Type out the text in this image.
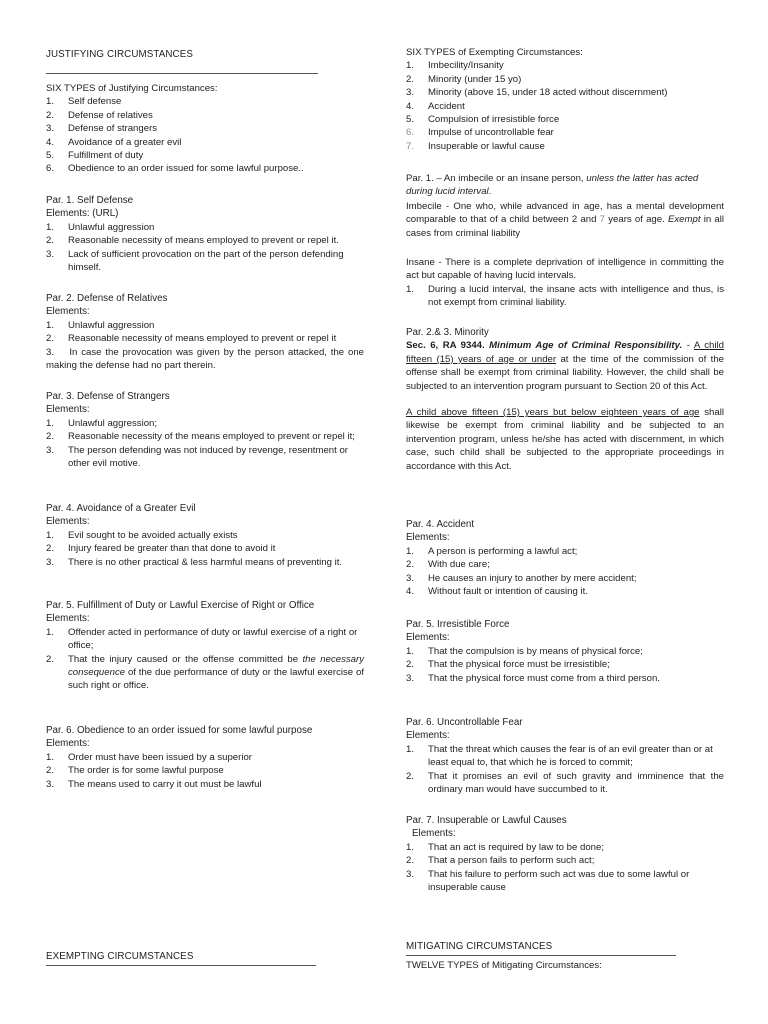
JUSTIFYING CIRCUMSTANCES
SIX TYPES of Justifying Circumstances:
1. Self defense
2. Defense of relatives
3. Defense of strangers
4. Avoidance of a greater evil
5. Fulfillment of duty
6. Obedience to an order issued for some lawful purpose..
Par. 1. Self Defense
Elements: (URL)
1. Unlawful aggression
2. Reasonable necessity of means employed to prevent or repel it.
3. Lack of sufficient provocation on the part of the person defending himself.
Par. 2. Defense of Relatives
Elements:
1. Unlawful aggression
2. Reasonable necessity of means employed to prevent or repel it
3.    In case the provocation was given by the person attacked, the one making the defense had no part therein.
Par. 3. Defense of Strangers
Elements:
1. Unlawful aggression;
2. Reasonable necessity of the means employed to prevent or repel it;
3. The person defending was not induced by revenge, resentment or other evil motive.
Par. 4. Avoidance of a Greater Evil
Elements:
1. Evil sought to be avoided actually exists
2. Injury feared be greater than that done to avoid it
3. There is no other practical & less harmful means of preventing it.
Par. 5. Fulfillment of Duty or Lawful Exercise of Right or Office
Elements:
1. Offender acted in performance of duty or lawful exercise of a right or office;
2. That the injury caused or the offense committed be the necessary consequence of the due performance of duty or the lawful exercise of such right or office.
Par. 6. Obedience to an order issued for some lawful purpose
Elements:
1. Order must have been issued by a superior
2. The order is for some lawful purpose
3. The means used to carry it out must be lawful
EXEMPTING CIRCUMSTANCES
SIX TYPES of Exempting Circumstances:
1. Imbecility/Insanity
2. Minority (under 15 yo)
3. Minority (above 15, under 18 acted without discernment)
4. Accident
5. Compulsion of irresistible force
6. Impulse of uncontrollable fear
7. Insuperable or lawful cause
Par. 1. – An imbecile or an insane person, unless the latter has acted during lucid interval.
Imbecile - One who, while advanced in age, has a mental development comparable to that of a child between 2 and 7 years of age. Exempt in all cases from criminal liability
Insane - There is a complete deprivation of intelligence in committing the act but capable of having lucid intervals.
1. During a lucid interval, the insane acts with intelligence and thus, is not exempt from criminal liability.
Par. 2.& 3. Minority
Sec. 6, RA 9344. Minimum Age of Criminal Responsibility. - A child fifteen (15) years of age or under at the time of the commission of the offense shall be exempt from criminal liability. However, the child shall be subjected to an intervention program pursuant to Section 20 of this Act.
A child above fifteen (15) years but below eighteen years of age shall likewise be exempt from criminal liability and be subjected to an intervention program, unless he/she has acted with discernment, in which case, such child shall be subjected to the appropriate proceedings in accordance with this Act.
Par. 4. Accident
Elements:
1. A person is performing a lawful act;
2. With due care;
3. He causes an injury to another by mere accident;
4. Without fault or intention of causing it.
Par. 5. Irresistible Force
Elements:
1. That the compulsion is by means of physical force;
2. That the physical force must be irresistible;
3. That the physical force must come from a third person.
Par. 6. Uncontrollable Fear
Elements:
1. That the threat which causes the fear is of an evil greater than or at least equal to, that which he is forced to commit;
2. That it promises an evil of such gravity and imminence that the ordinary man would have succumbed to it.
Par. 7. Insuperable or Lawful Causes
Elements:
1. That an act is required by law to be done;
2. That a person fails to perform such act;
3. That his failure to perform such act was due to some lawful or insuperable cause
MITIGATING CIRCUMSTANCES
TWELVE TYPES of Mitigating Circumstances:
